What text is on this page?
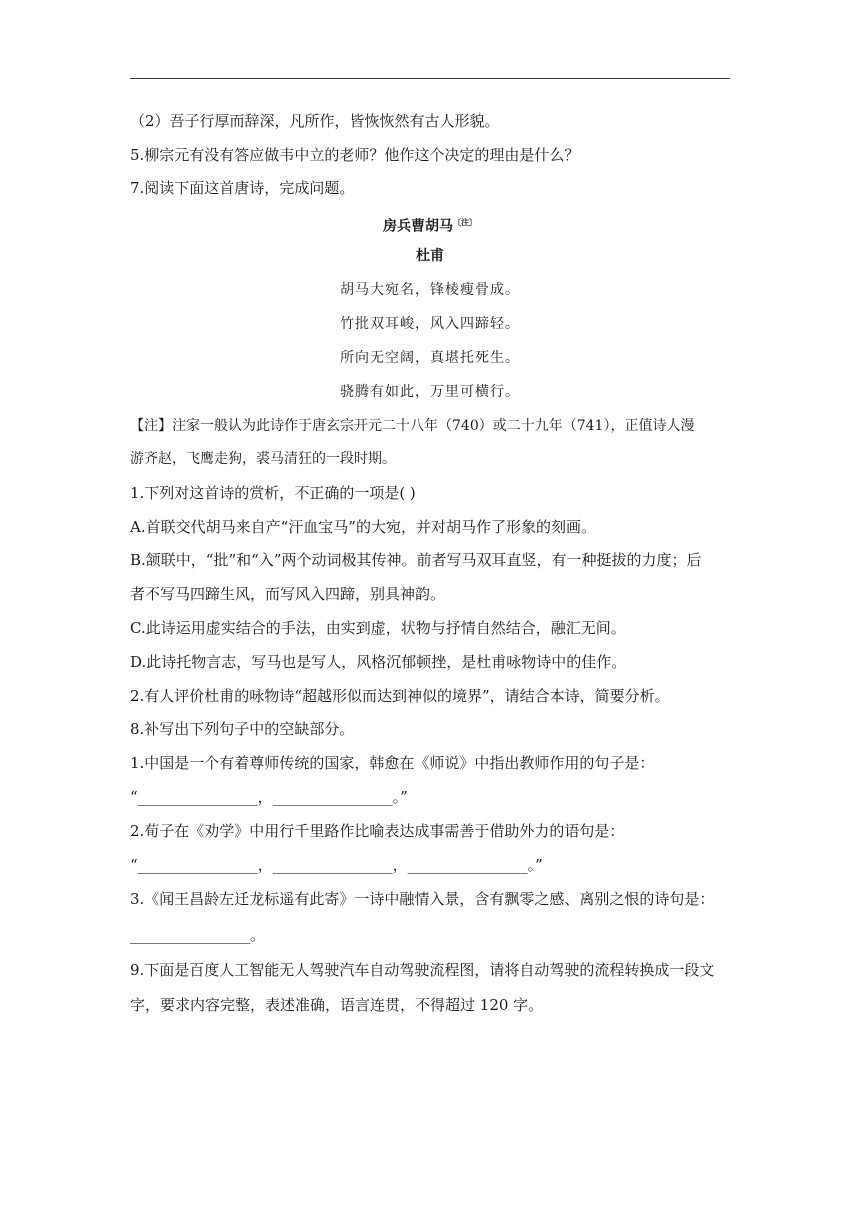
（2）吾子行厚而辞深，凡所作，皆恢恢然有古人形貌。
5.柳宗元有没有答应做韦中立的老师？他作这个决定的理由是什么？
7.阅读下面这首唐诗，完成问题。
房兵曹胡马$^{〔注〕}$
杜甫
胡马大宛名，锋棱瘦骨成。
竹批双耳峻，风入四蹄轻。
所向无空阔，真堪托死生。
骁腾有如此，万里可横行。
【注】注家一般认为此诗作于唐玄宗开元二十八年（740）或二十九年（741），正值诗人漫
游齐赵，飞鹰走狗，裘马清狂的一段时期。
1.下列对这首诗的赏析，不正确的一项是( )
A.首联交代胡马来自产“汗血宝马”的大宛，并对胡马作了形象的刻画。
B.颔联中，“批”和“入”两个动词极其传神。前者写马双耳直竖，有一种挺拔的力度；后
者不写马四蹄生风，而写风入四蹄，别具神韵。
C.此诗运用虚实结合的手法，由实到虚，状物与抒情自然结合，融汇无间。
D.此诗托物言志，写马也是写人，风格沉郁顿挫，是杜甫咏物诗中的佳作。
2.有人评价杜甫的咏物诗“超越形似而达到神似的境界”，请结合本诗，简要分析。
8.补写出下列句子中的空缺部分。
1.中国是一个有着尊师传统的国家，韩愈在《师说》中指出教师作用的句子是：
“________________，________________。”
2.荀子在《劝学》中用行千里路作比喻表达成事需善于借助外力的语句是：
“________________，________________，________________。”
3.《闻王昌龄左迁龙标遥有此寄》一诗中融情入景，含有飘零之感、离别之恨的诗句是：
________________。
9.下面是百度人工智能无人驾驶汽车自动驾驶流程图，请将自动驾驶的流程转换成一段文
字，要求内容完整，表述准确，语言连贯，不得超过 120 字。
